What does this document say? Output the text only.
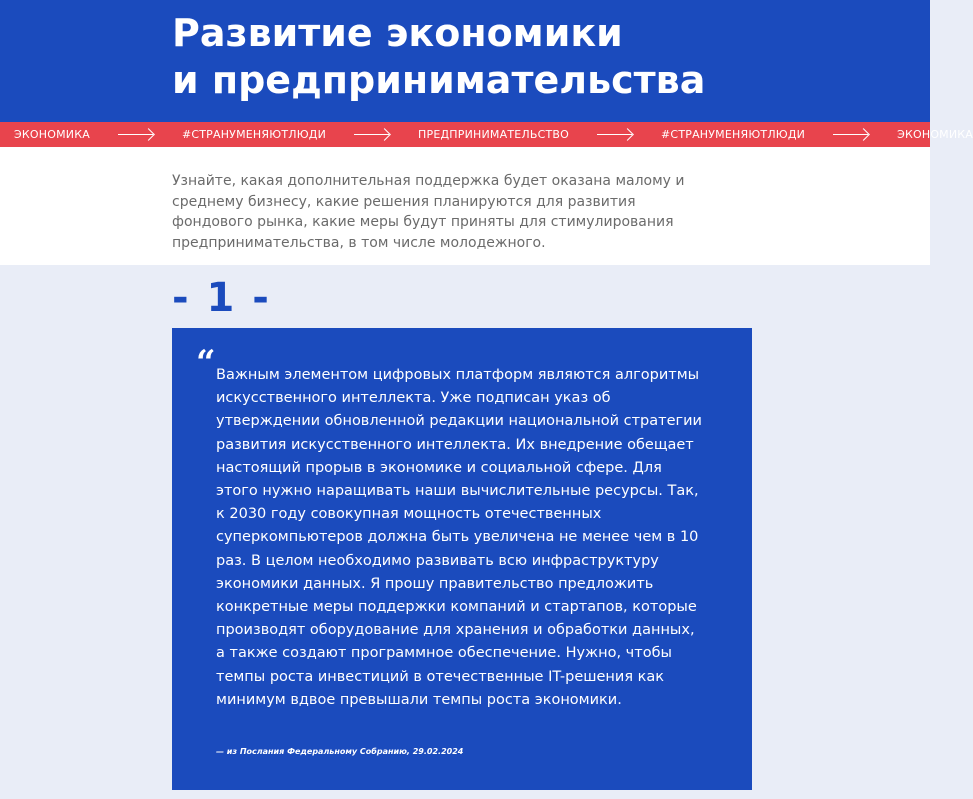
Развитие экономики
и предпринимательства
ЭКОНОМИКА	#СТРАНУМЕНЯЮТЛЮДИ	ПРЕДПРИНИМАТЕЛЬСТВО	#СТРАНУМЕНЯЮТЛЮДИ	ЭКОНОМИКА

Узнайте, какая дополнительная поддержка будет оказана малому и среднему бизнесу, какие решения планируются для развития фондового рынка, какие меры будут приняты для стимулирования предпринимательства, в том числе молодежного.

- 1 -
“ Важным элементом цифровых платформ являются алгоритмы искусственного интеллекта. Уже подписан указ об утверждении обновленной редакции национальной стратегии развития искусственного интеллекта. Их внедрение обещает настоящий прорыв в экономике и социальной сфере. Для этого нужно наращивать наши вычислительные ресурсы. Так, к 2030 году совокупная мощность отечественных суперкомпьютеров должна быть увеличена не менее чем в 10 раз. В целом необходимо развивать всю инфраструктуру экономики данных. Я прошу правительство предложить конкретные меры поддержки компаний и стартапов, которые производят оборудование для хранения и обработки данных, а также создают программное обеспечение. Нужно, чтобы темпы роста инвестиций в отечественные IT-решения как минимум вдвое превышали темпы роста экономики.

— из Послания Федеральному Собранию, 29.02.2024
